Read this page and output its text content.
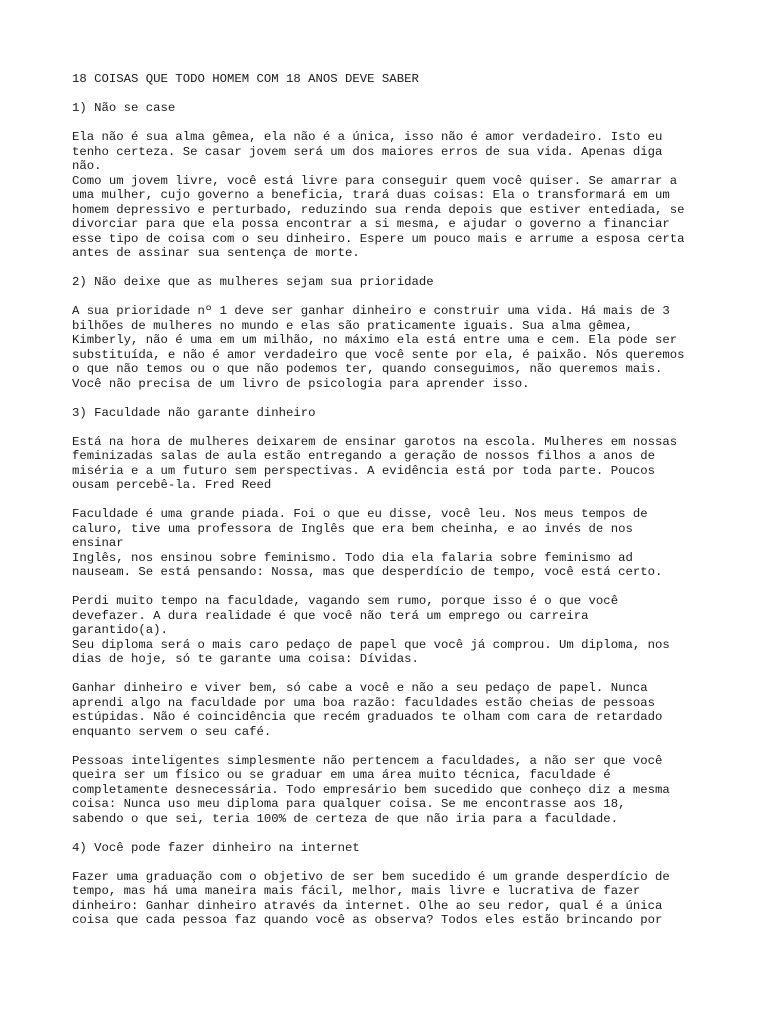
18 COISAS QUE TODO HOMEM COM 18 ANOS DEVE SABER
1) Não se case
Ela não é sua alma gêmea, ela não é a única, isso não é amor verdadeiro. Isto eu
tenho certeza. Se casar jovem será um dos maiores erros de sua vida. Apenas diga
não.
Como um jovem livre, você está livre para conseguir quem você quiser. Se amarrar a
uma mulher, cujo governo a beneficia, trará duas coisas: Ela o transformará em um
homem depressivo e perturbado, reduzindo sua renda depois que estiver entediada, se
divorciar para que ela possa encontrar a si mesma, e ajudar o governo a financiar
esse tipo de coisa com o seu dinheiro. Espere um pouco mais e arrume a esposa certa
antes de assinar sua sentença de morte.
2) Não deixe que as mulheres sejam sua prioridade
A sua prioridade nº 1 deve ser ganhar dinheiro e construir uma vida. Há mais de 3
bilhões de mulheres no mundo e elas são praticamente iguais. Sua alma gêmea,
Kimberly, não é uma em um milhão, no máximo ela está entre uma e cem. Ela pode ser
substituída, e não é amor verdadeiro que você sente por ela, é paixão. Nós queremos
o que não temos ou o que não podemos ter, quando conseguimos, não queremos mais.
Você não precisa de um livro de psicologia para aprender isso.
3) Faculdade não garante dinheiro
Está na hora de mulheres deixarem de ensinar garotos na escola. Mulheres em nossas
feminizadas salas de aula estão entregando a geração de nossos filhos a anos de
miséria e a um futuro sem perspectivas. A evidência está por toda parte. Poucos
ousam percebê-la. Fred Reed
Faculdade é uma grande piada. Foi o que eu disse, você leu. Nos meus tempos de
caluro, tive uma professora de Inglês que era bem cheinha, e ao invés de nos
ensinar
Inglês, nos ensinou sobre feminismo. Todo dia ela falaria sobre feminismo ad
nauseam. Se está pensando: Nossa, mas que desperdício de tempo, você está certo.
Perdi muito tempo na faculdade, vagando sem rumo, porque isso é o que você
devefazer. A dura realidade é que você não terá um emprego ou carreira
garantido(a).
Seu diploma será o mais caro pedaço de papel que você já comprou. Um diploma, nos
dias de hoje, só te garante uma coisa: Dívidas.
Ganhar dinheiro e viver bem, só cabe a você e não a seu pedaço de papel. Nunca
aprendi algo na faculdade por uma boa razão: faculdades estão cheias de pessoas
estúpidas. Não é coincidência que recém graduados te olham com cara de retardado
enquanto servem o seu café.
Pessoas inteligentes simplesmente não pertencem a faculdades, a não ser que você
queira ser um físico ou se graduar em uma área muito técnica, faculdade é
completamente desnecessária. Todo empresário bem sucedido que conheço diz a mesma
coisa: Nunca uso meu diploma para qualquer coisa. Se me encontrasse aos 18,
sabendo o que sei, teria 100% de certeza de que não iria para a faculdade.
4) Você pode fazer dinheiro na internet
Fazer uma graduação com o objetivo de ser bem sucedido é um grande desperdício de
tempo, mas há uma maneira mais fácil, melhor, mais livre e lucrativa de fazer
dinheiro: Ganhar dinheiro através da internet. Olhe ao seu redor, qual é a única
coisa que cada pessoa faz quando você as observa? Todos eles estão brincando por
